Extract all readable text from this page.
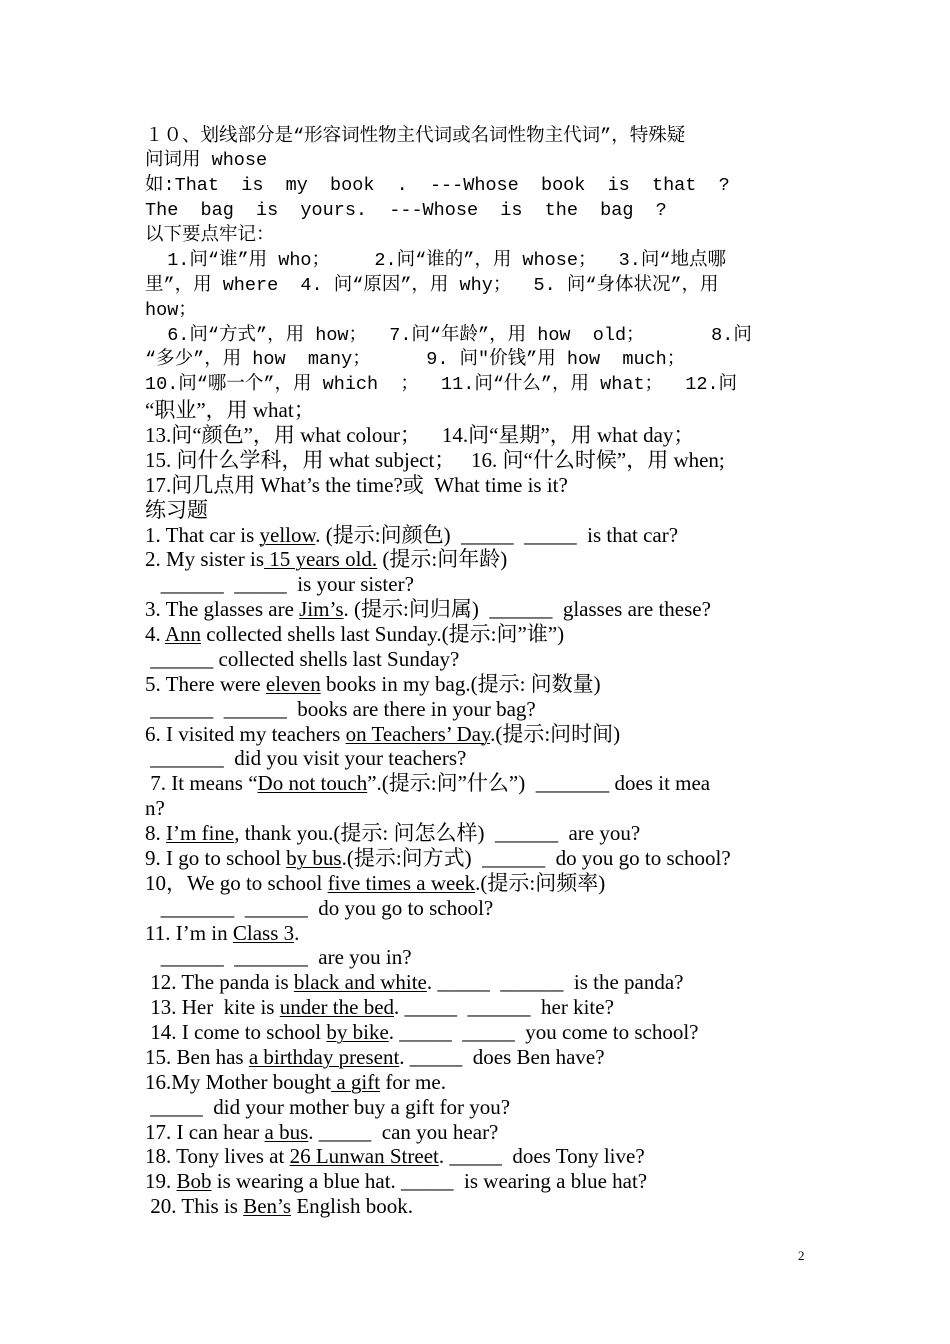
１０、划线部分是“形容词性物主代词或名词性物主代词”，特殊疑
问词用 whose
如:That  is  my  book  .  ---Whose  book  is  that  ?
The  bag  is  yours.  ---Whose  is  the  bag  ?
以下要点牢记：
1.问“谁”用 who；    2.问“谁的”，用 whose；  3.问“地点哪
里”，用 where  4. 问“原因”，用 why；  5. 问“身体状况”，用
how；
6.问“方式”，用 how；  7.问“年龄”，用 how  old；      8.问
“多少”，用 how  many；     9. 问″价钱”用 how  much；
10.问“哪一个”，用 which  ；  11.问“什么”，用 what；  12.问
“职业”，用 what；
13.问“颜色”，用 what colour；    14.问“星期”，用 what day；
15. 问什么学科，用 what subject；   16. 问“什么时候”，用 when;
17.问几点用 What’s the time?或  What time is it?
练习题
1. That car is yellow. (提示:问颜色)  _____  _____  is that car?
2. My sister is 15 years old. (提示:问年龄)
______  _____  is your sister?
3. The glasses are Jim’s. (提示:问归属)  ______  glasses are these?
4. Ann collected shells last Sunday.(提示:问”谁”)
______ collected shells last Sunday?
5. There were eleven books in my bag.(提示: 问数量)
______  ______  books are there in your bag?
6. I visited my teachers on Teachers’ Day.(提示:问时间)
_______  did you visit your teachers?
7. It means “Do not touch”.(提示:问”什么”)  _______ does it mea
n?
8. I’m fine, thank you.(提示: 问怎么样)  ______  are you?
9. I go to school by bus.(提示:问方式)  ______  do you go to school?
10，We go to school five times a week.(提示:问频率)
_______  ______  do you go to school?
11. I’m in Class 3.
______  _______  are you in?
12. The panda is black and white. _____  ______  is the panda?
13. Her  kite is under the bed. _____  ______  her kite?
14. I come to school by bike. _____  _____  you come to school?
15. Ben has a birthday present. _____  does Ben have?
16.My Mother bought a gift for me.
_____  did your mother buy a gift for you?
17. I can hear a bus. _____  can you hear?
18. Tony lives at 26 Lunwan Street. _____  does Tony live?
19. Bob is wearing a blue hat. _____  is wearing a blue hat?
20. This is Ben’s English book.
2
